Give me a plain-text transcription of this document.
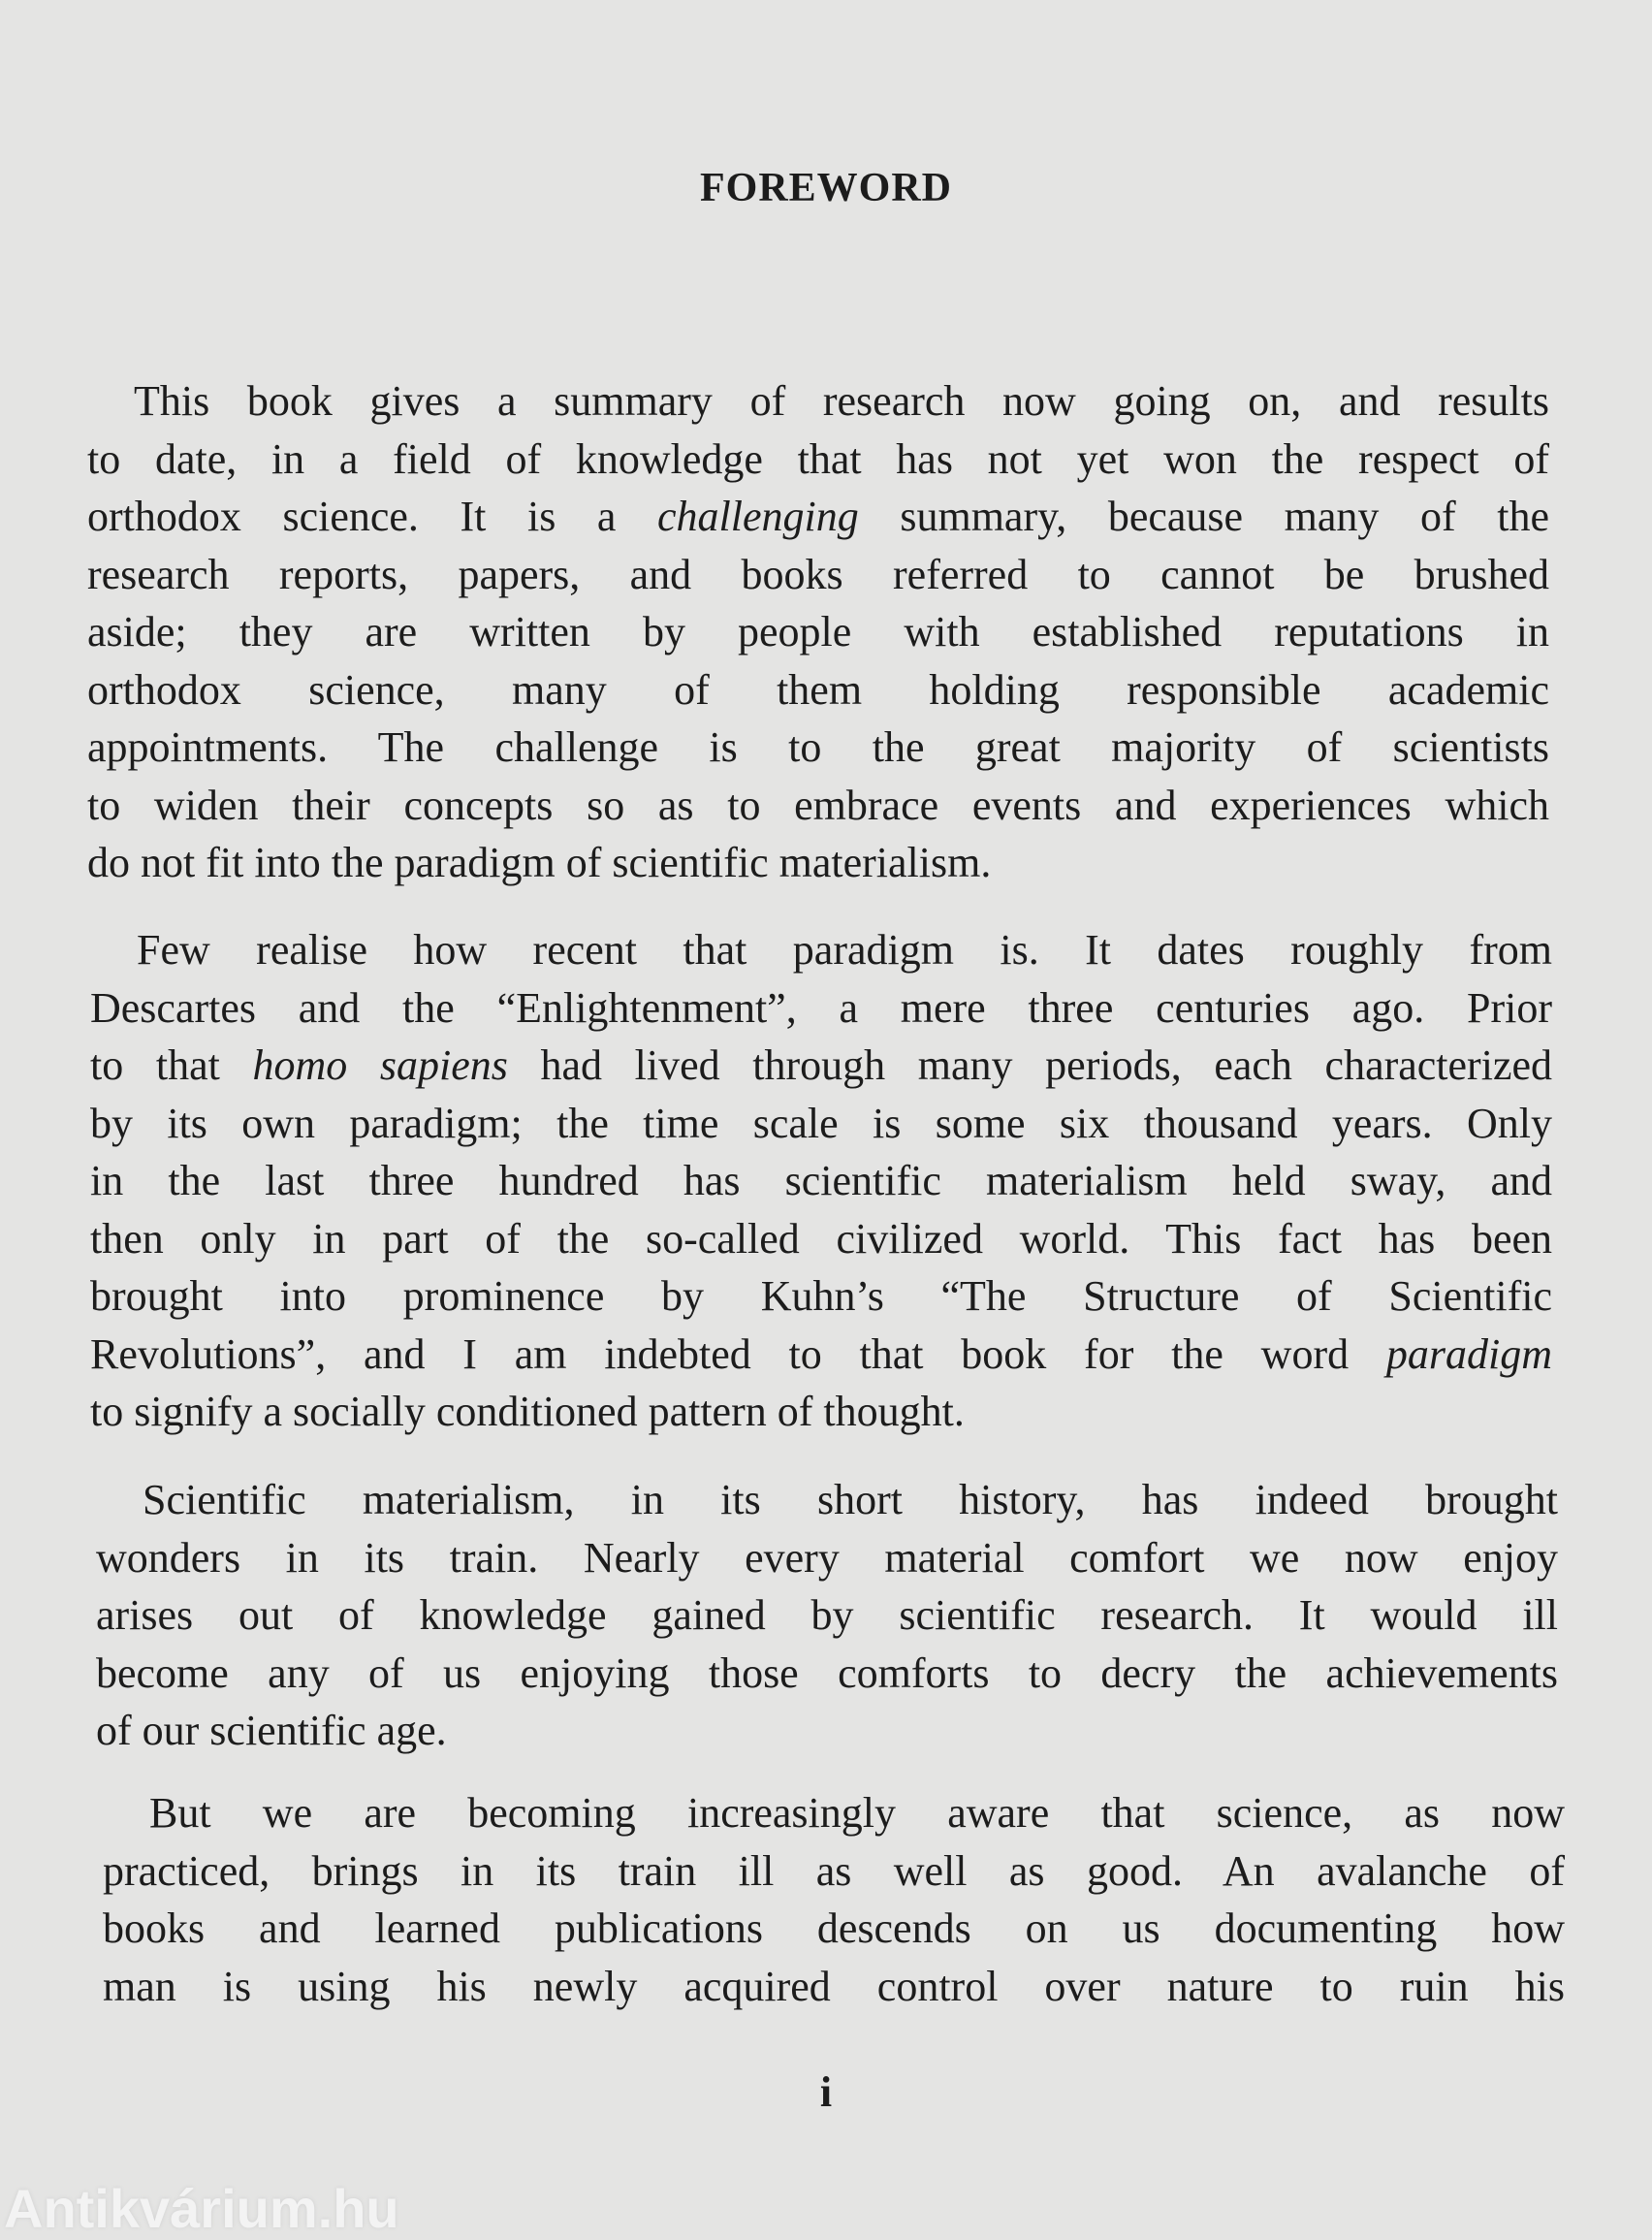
FOREWORD
This book gives a summary of research now going on, and results
to date, in a field of knowledge that has not yet won the respect of
orthodox science. It is a challenging summary, because many of the
research reports, papers, and books referred to cannot be brushed
aside; they are written by people with established reputations in
orthodox science, many of them holding responsible academic
appointments. The challenge is to the great majority of scientists
to widen their concepts so as to embrace events and experiences which
do not fit into the paradigm of scientific materialism.
Few realise how recent that paradigm is. It dates roughly from
Descartes and the “Enlightenment”, a mere three centuries ago. Prior
to that homo sapiens had lived through many periods, each characterized
by its own paradigm; the time scale is some six thousand years. Only
in the last three hundred has scientific materialism held sway, and
then only in part of the so-called civilized world. This fact has been
brought into prominence by Kuhn’s “The Structure of Scientific
Revolutions”, and I am indebted to that book for the word paradigm
to signify a socially conditioned pattern of thought.
Scientific materialism, in its short history, has indeed brought
wonders in its train. Nearly every material comfort we now enjoy
arises out of knowledge gained by scientific research. It would ill
become any of us enjoying those comforts to decry the achievements
of our scientific age.
But we are becoming increasingly aware that science, as now
practiced, brings in its train ill as well as good. An avalanche of
books and learned publications descends on us documenting how
man is using his newly acquired control over nature to ruin his
i
Antikvárium.hu
